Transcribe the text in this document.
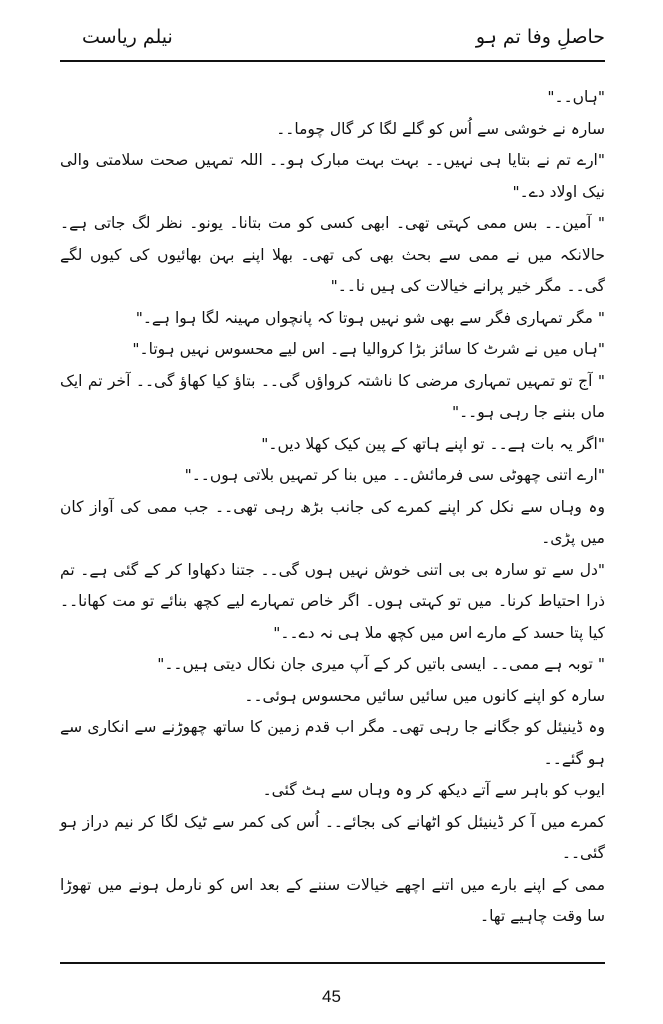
حاصلِ وفا تم ہو
نیلم ریاست

"ہاں۔۔"

سارہ نے خوشی سے اُس کو گلے لگا کر گال چوما۔۔

"ارے تم نے بتایا ہی نہیں۔۔ بہت بہت مبارک ہو۔۔ اللہ تمہیں صحت سلامتی والی نیک اولاد دے۔"

" آمین۔۔ بس ممی کہتی تھی۔ ابھی کسی کو مت بتانا۔ یونو۔ نظر لگ جاتی ہے۔ حالانکہ میں نے ممی سے بحث بھی کی تھی۔ بھلا اپنے بہن بھائیوں کی کیوں لگے گی۔۔ مگر خیر پرانے خیالات کی ہیں نا۔۔"

" مگر تمہاری فگر سے بھی شو نہیں ہوتا کہ پانچواں مہینہ لگا ہوا ہے۔"

"ہاں میں نے شرٹ کا سائز بڑا کروالیا ہے۔ اس لیے محسوس نہیں ہوتا۔"

" آج تو تمہیں تمہاری مرضی کا ناشتہ کرواؤں گی۔۔ بتاؤ کیا کھاؤ گی۔۔ آخر تم ایک ماں بننے جا رہی ہو۔۔"

"اگر یہ بات ہے۔۔ تو اپنے ہاتھ کے پین کیک کھلا دیں۔"

"ارے اتنی چھوٹی سی فرمائش۔۔ میں بنا کر تمہیں بلاتی ہوں۔۔"

وہ وہاں سے نکل کر اپنے کمرے کی جانب بڑھ رہی تھی۔۔ جب ممی کی آواز کان میں پڑی۔

"دل سے تو سارہ بی بی اتنی خوش نہیں ہوں گی۔۔ جتنا دکھاوا کر کے گئی ہے۔ تم ذرا احتیاط کرنا۔ میں تو کہتی ہوں۔ اگر خاص تمہارے لیے کچھ بنائے تو مت کھانا۔۔ کیا پتا حسد کے مارے اس میں کچھ ملا ہی نہ دے۔۔"

" توبہ ہے ممی۔۔ ایسی باتیں کر کے آپ میری جان نکال دیتی ہیں۔۔"

سارہ کو اپنے کانوں میں سائیں سائیں محسوس ہوئی۔۔

وہ ڈینیئل کو جگانے جا رہی تھی۔ مگر اب قدم زمین کا ساتھ چھوڑنے سے انکاری سے ہو گئے۔۔

ایوب کو باہر سے آتے دیکھ کر وہ وہاں سے ہٹ گئی۔

کمرے میں آ کر ڈینیئل کو اٹھانے کی بجائے۔۔ اُس کی کمر سے ٹیک لگا کر نیم دراز ہو گئی۔۔

ممی کے اپنے بارے میں اتنے اچھے خیالات سننے کے بعد اس کو نارمل ہونے میں تھوڑا سا وقت چاہیے تھا۔

45
